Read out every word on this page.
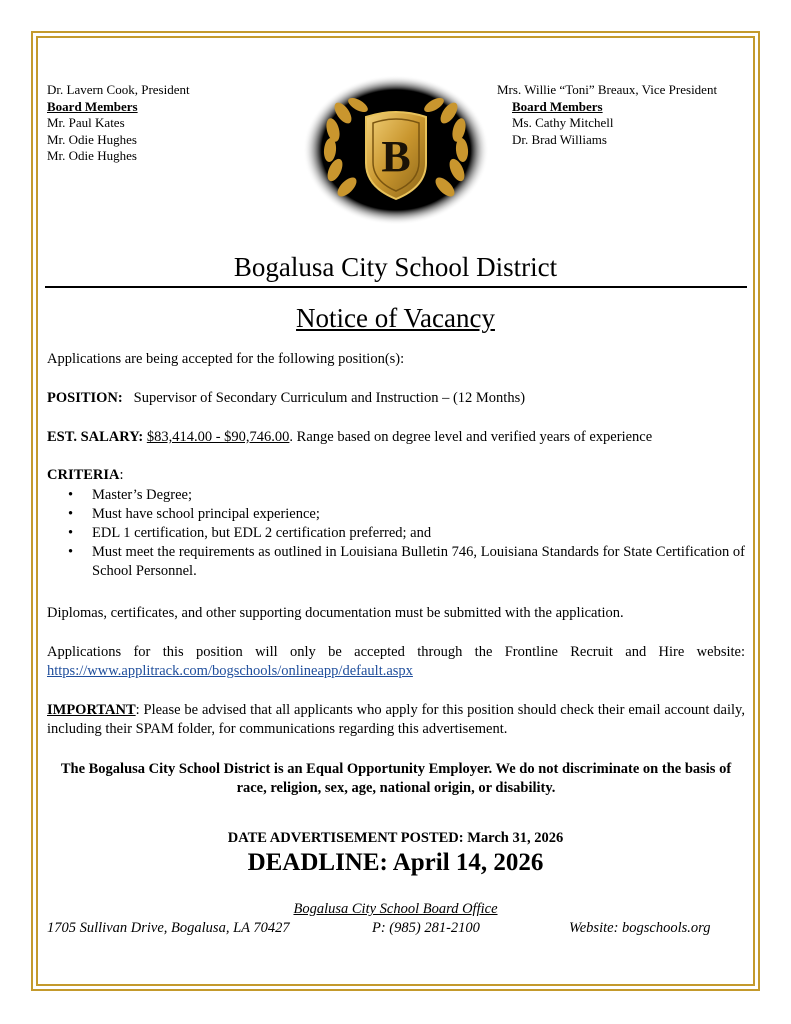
Dr. Lavern Cook, President
Board Members
Mr. Paul Kates
Mr. Odie Hughes
Mr. Odie Hughes	B
Mrs. Willie “Toni” Breaux, Vice President
Board Members
Ms. Cathy Mitchell
Dr. Brad Williams
Bogalusa City School District
Notice of Vacancy
Applications are being accepted for the following position(s):
POSITION: Supervisor of Secondary Curriculum and Instruction – (12 Months)
EST. SALARY: $83,414.00 - $90,746.00. Range based on degree level and verified years of experience
CRITERIA:
• Master’s Degree;
• Must have school principal experience;
• EDL 1 certification, but EDL 2 certification preferred; and
• Must meet the requirements as outlined in Louisiana Bulletin 746, Louisiana Standards for State Certification of School Personnel.
Diplomas, certificates, and other supporting documentation must be submitted with the application.
Applications for this position will only be accepted through the Frontline Recruit and Hire website: https://www.applitrack.com/bogschools/onlineapp/default.aspx
IMPORTANT: Please be advised that all applicants who apply for this position should check their email account daily, including their SPAM folder, for communications regarding this advertisement.
The Bogalusa City School District is an Equal Opportunity Employer. We do not discriminate on the basis of race, religion, sex, age, national origin, or disability.
DATE ADVERTISEMENT POSTED: March 31, 2026
DEADLINE: April 14, 2026
Bogalusa City School Board Office
1705 Sullivan Drive, Bogalusa, LA 70427	P: (985) 281-2100	Website: bogschools.org
